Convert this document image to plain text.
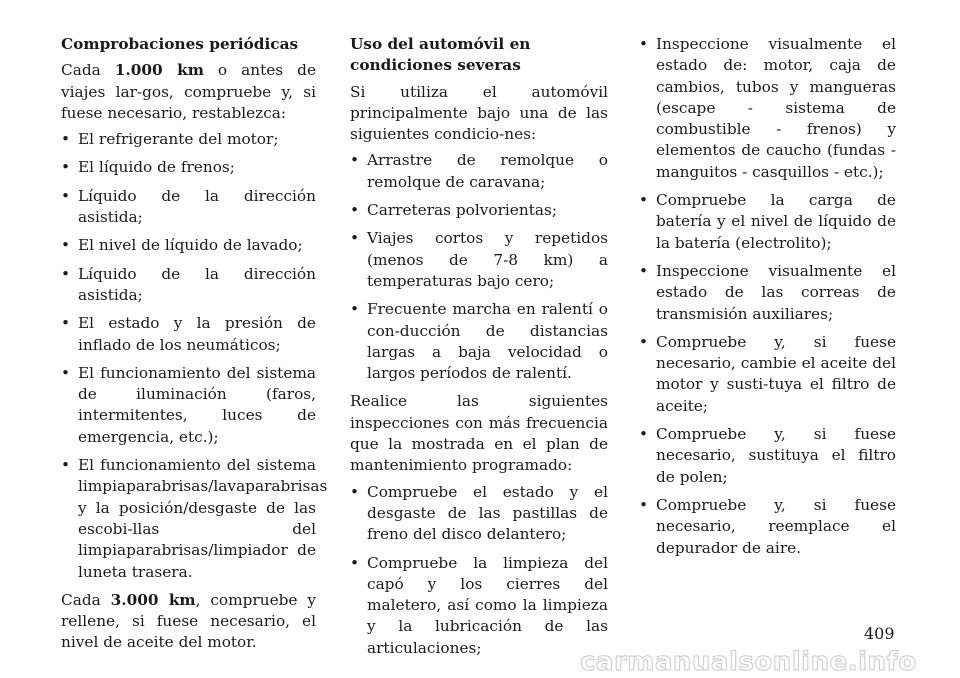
Comprobaciones periódicas

Cada 1.000 km o antes de viajes lar-gos, compruebe y, si fuese necesario, restablezca:

• El refrigerante del motor;
• El líquido de frenos;
• Líquido de la dirección asistida;
• El nivel de líquido de lavado;
• Líquido de la dirección asistida;
• El estado y la presión de inflado de los neumáticos;
• El funcionamiento del sistema de iluminación (faros, intermitentes, luces de emergencia, etc.);
• El funcionamiento del sistema limpiaparabrisas/lavaparabrisas y la posición/desgaste de las escobi-llas del limpiaparabrisas/limpiador de luneta trasera.

Cada 3.000 km, compruebe y rellene, si fuese necesario, el nivel de aceite del motor.

Uso del automóvil en condiciones severas

Si utiliza el automóvil principalmente bajo una de las siguientes condicio-nes:

• Arrastre de remolque o remolque de caravana;
• Carreteras polvorientas;
• Viajes cortos y repetidos (menos de 7-8 km) a temperaturas bajo cero;
• Frecuente marcha en ralentí o con-ducción de distancias largas a baja velocidad o largos períodos de ralentí.

Realice las siguientes inspecciones con más frecuencia que la mostrada en el plan de mantenimiento programado:

• Compruebe el estado y el desgaste de las pastillas de freno del disco delantero;
• Compruebe la limpieza del capó y los cierres del maletero, así como la limpieza y la lubricación de las articulaciones;
• Inspeccione visualmente el estado de: motor, caja de cambios, tubos y mangueras (escape - sistema de combustible - frenos) y elementos de caucho (fundas - manguitos - casquillos - etc.);
• Compruebe la carga de batería y el nivel de líquido de la batería (electrolito);
• Inspeccione visualmente el estado de las correas de transmisión auxiliares;
• Compruebe y, si fuese necesario, cambie el aceite del motor y susti-tuya el filtro de aceite;
• Compruebe y, si fuese necesario, sustituya el filtro de polen;
• Compruebe y, si fuese necesario, reemplace el depurador de aire.
409
carmanualsonline.info
